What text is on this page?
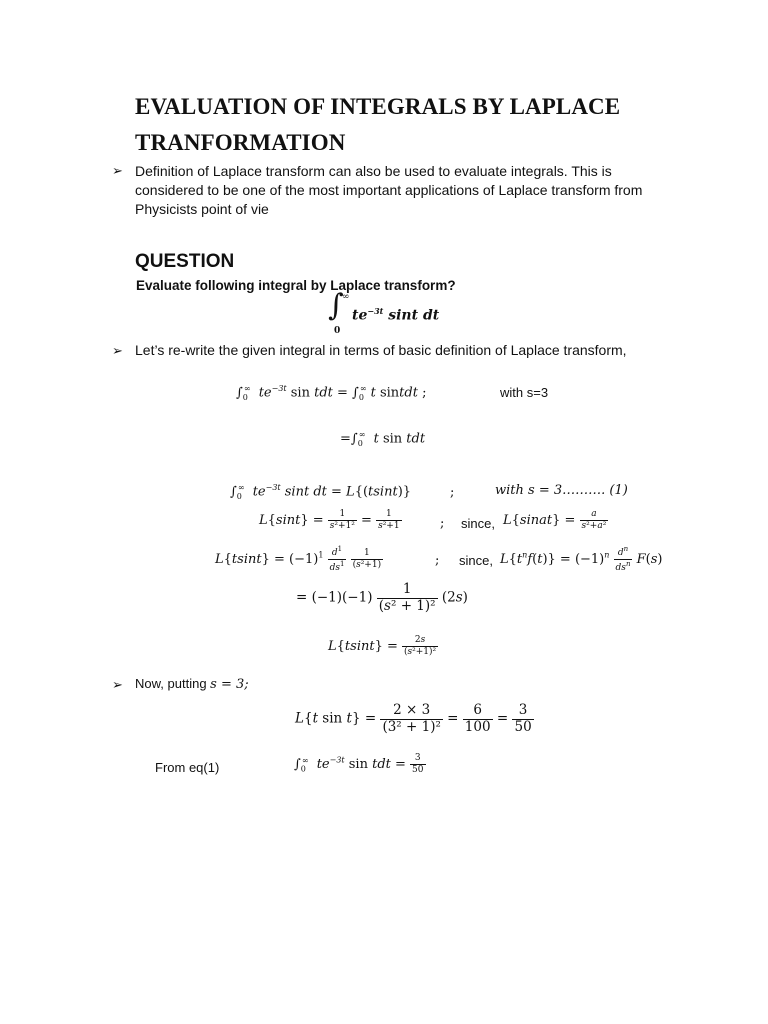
EVALUATION OF INTEGRALS BY LAPLACE
TRANFORMATION
➢ Definition of Laplace transform can also be used to evaluate integrals. This is considered to be one of the most important applications of Laplace transform from Physicists point of vie
QUESTION
Evaluate following integral by Laplace transform?
∫
∞
0
$te^{-3t}$ sint dt
➢ Let’s re-write the given integral in terms of basic definition of Laplace transform,
$\int_0^\infty$ $te^{-3t}$ sin tdt = $\int_0^\infty$ t sintdt ;	with s=3
$=\int_0^\infty$ t sin tdt
$\int_0^\infty$ $te^{-3t}$ sint dt = L{(tsint)}	;	with s = 3………. (1)
$L\{\sin t\} = \frac{1}{\text{s²+1²}} = \frac{1}{\text{s²+1}}$	; since, L{sinat} = $\frac{a}{\text{s²+a²}}$
$L\{tsint\} = (-1)^1 \frac{d^1}{ds^1}$
$\frac{1}{\text{(s²+1)}}$	; since, $L\{t^nf(t)\} = (-1)^n \frac{d^n}{ds^n} F(s)$
= $(-1)(-1) \frac{1}{\text{(s² + 1)²}} (2s)$
$L\{tsint\} = \frac{2s}{\text{(s²+1)²}}$
➢ Now, putting s = 3;
L{t $\sin t\} = \frac{2 \times 3}{\text{(3² + 1)²}} = \frac{6}{100} = \frac{3}{50}$
From eq(1)	$\int_0^\infty$ $te^{-3t}$ sin tdt = $\frac{3}{50}$
